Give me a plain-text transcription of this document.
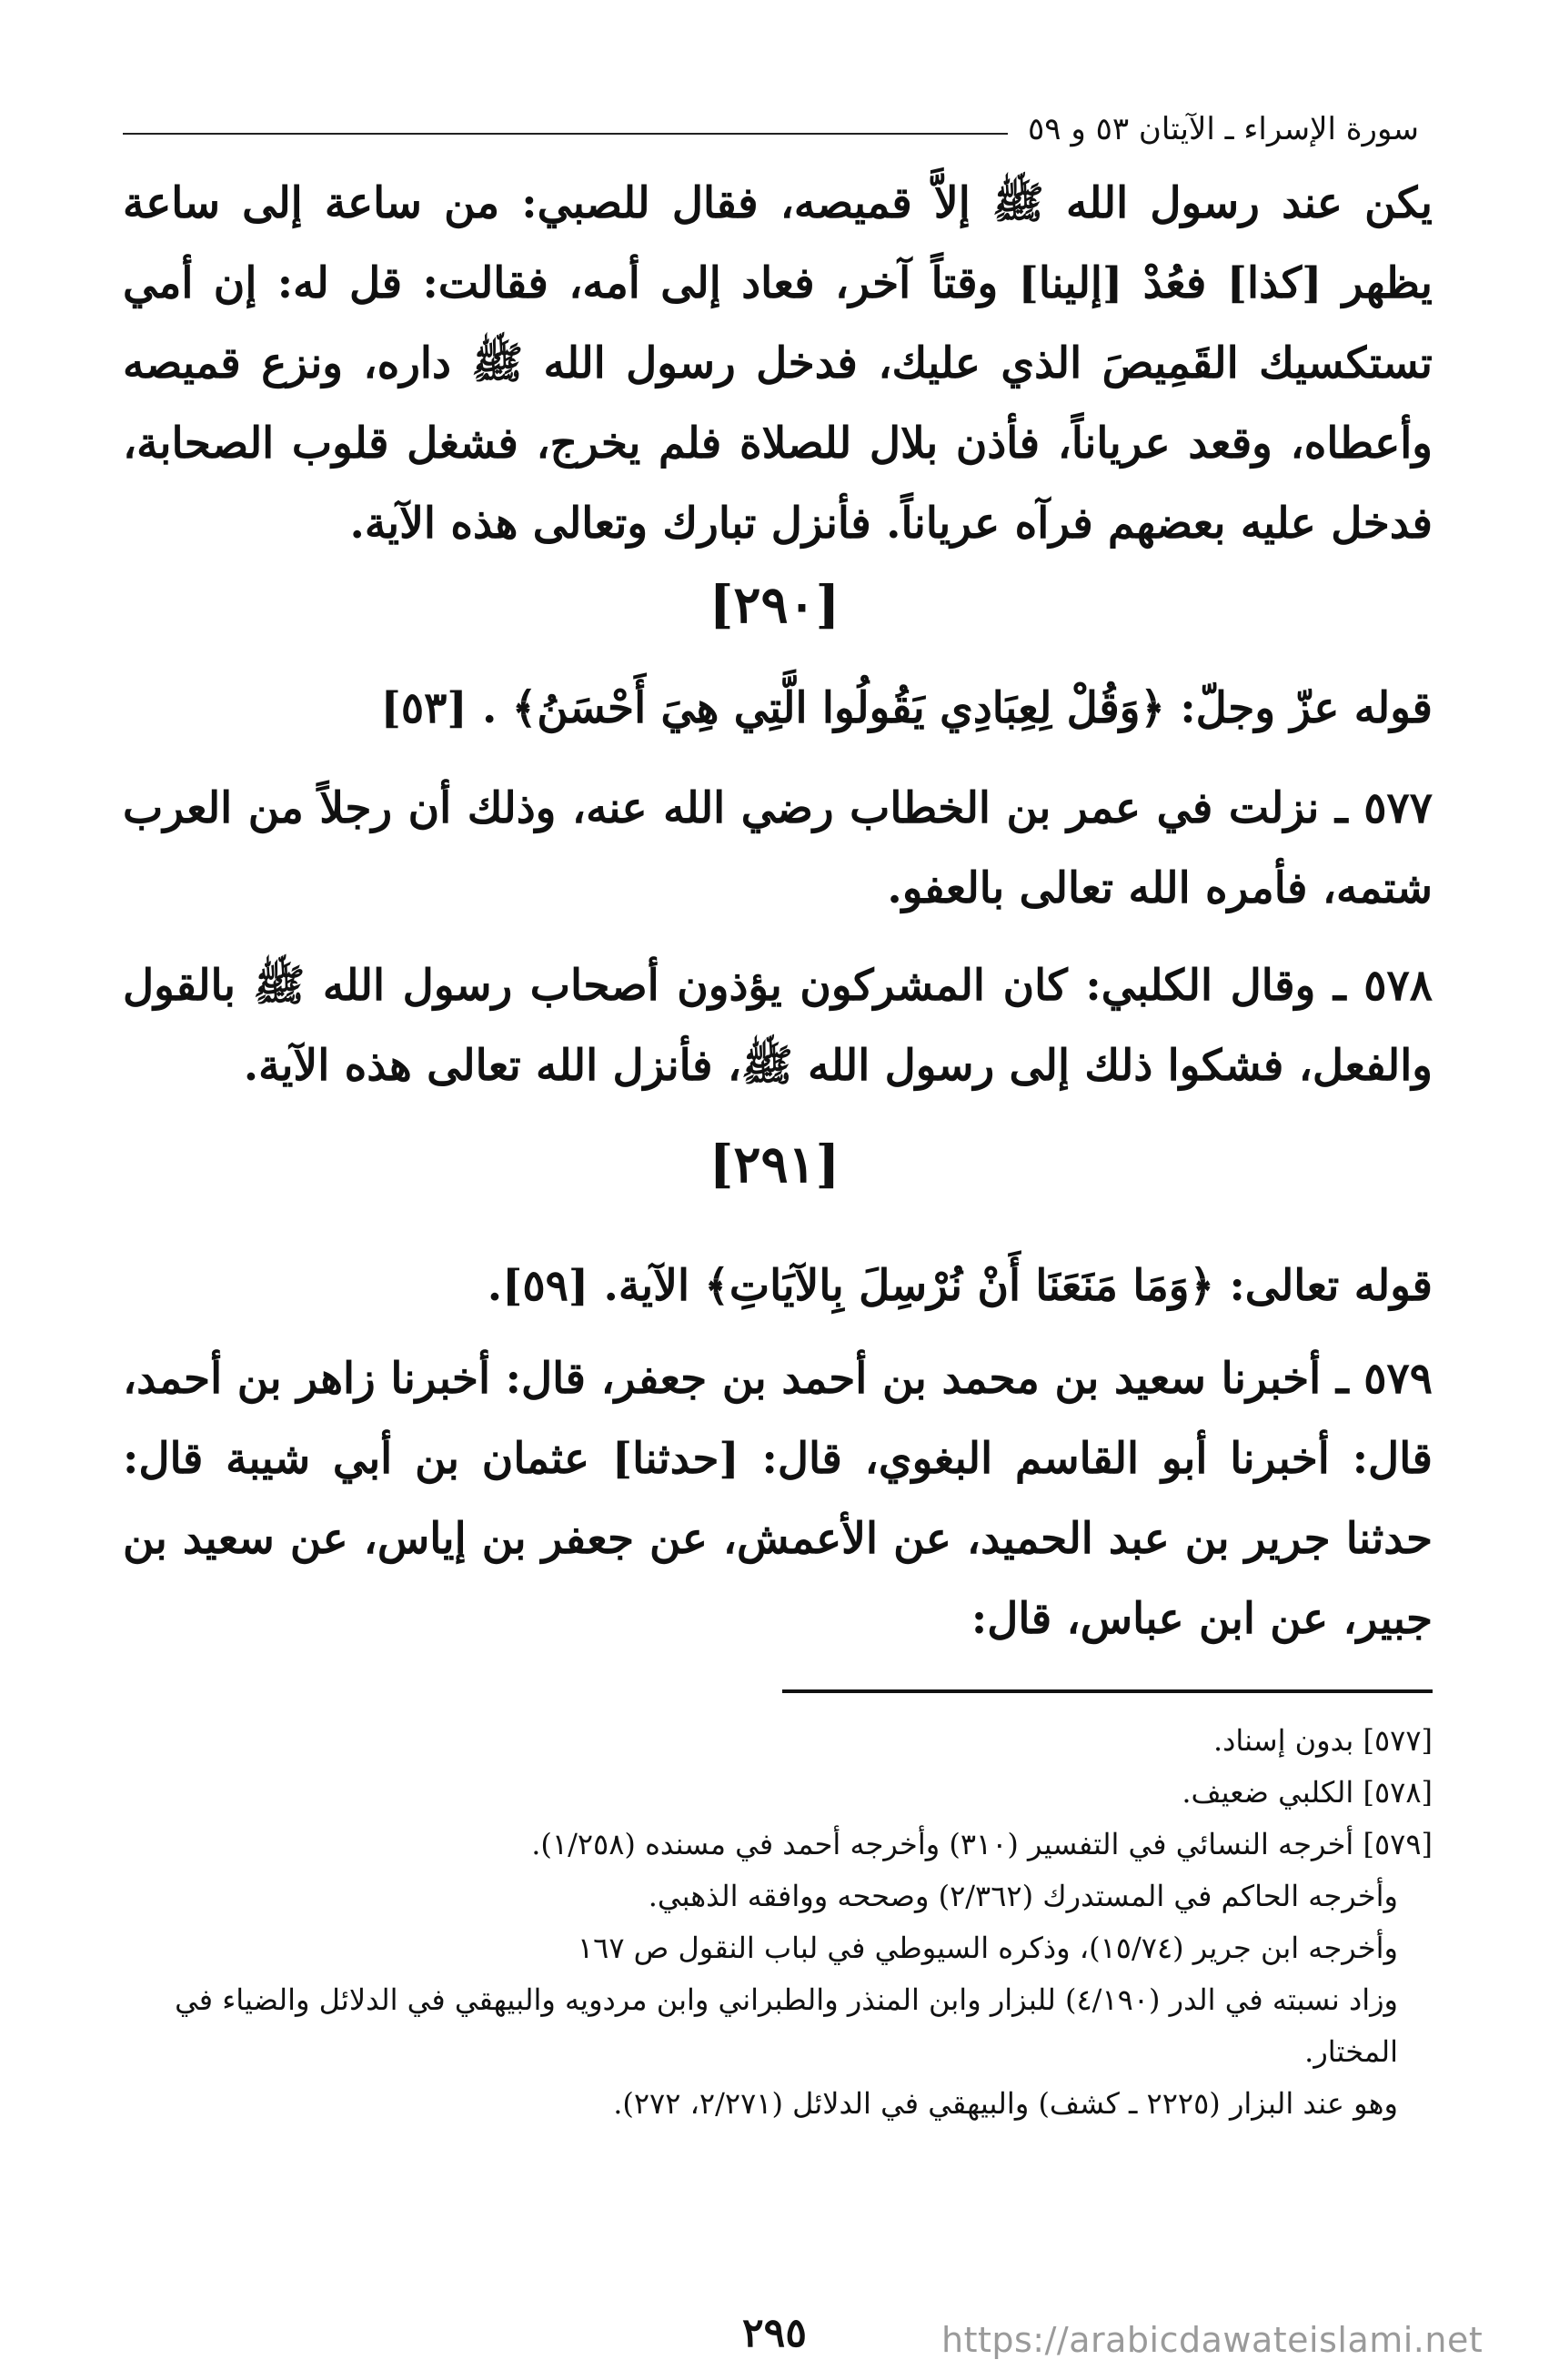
سورة الإسراء ـ الآيتان ٥٣ و ٥٩
يكن عند رسول الله ﷺ إلاَّ قميصه، فقال للصبي: من ساعة إلى ساعة يظهر [كذا] فعُدْ [إلينا] وقتاً آخر، فعاد إلى أمه، فقالت: قل له: إن أمي تستكسيك القَمِيصَ الذي عليك، فدخل رسول الله ﷺ داره، ونزع قميصه وأعطاه، وقعد عرياناً، فأذن بلال للصلاة فلم يخرج، فشغل قلوب الصحابة، فدخل عليه بعضهم فرآه عرياناً. فأنزل تبارك وتعالى هذه الآية.
[٢٩٠]
قوله عزّ وجلّ: ﴿وَقُلْ لِعِبَادِي يَقُولُوا الَّتِي هِيَ أَحْسَنُ﴾ . [٥٣]
٥٧٧ ـ نزلت في عمر بن الخطاب رضي الله عنه، وذلك أن رجلاً من العرب شتمه، فأمره الله تعالى بالعفو.
٥٧٨ ـ وقال الكلبي: كان المشركون يؤذون أصحاب رسول الله ﷺ بالقول والفعل، فشكوا ذلك إلى رسول الله ﷺ، فأنزل الله تعالى هذه الآية.
[٢٩١]
قوله تعالى: ﴿وَمَا مَنَعَنَا أَنْ نُرْسِلَ بِالآيَاتِ﴾ الآية. [٥٩].
٥٧٩ ـ أخبرنا سعيد بن محمد بن أحمد بن جعفر، قال: أخبرنا زاهر بن أحمد، قال: أخبرنا أبو القاسم البغوي، قال: [حدثنا] عثمان بن أبي شيبة قال: حدثنا جرير بن عبد الحميد، عن الأعمش، عن جعفر بن إياس، عن سعيد بن جبير، عن ابن عباس، قال:
[٥٧٧] بدون إسناد.
[٥٧٨] الكلبي ضعيف.
[٥٧٩] أخرجه النسائي في التفسير (٣١٠) وأخرجه أحمد في مسنده (١/٢٥٨).
وأخرجه الحاكم في المستدرك (٢/٣٦٢) وصححه ووافقه الذهبي.
وأخرجه ابن جرير (١٥/٧٤)، وذكره السيوطي في لباب النقول ص ١٦٧
وزاد نسبته في الدر (٤/١٩٠) للبزار وابن المنذر والطبراني وابن مردويه والبيهقي في الدلائل والضياء في المختار.
وهو عند البزار (٢٢٢٥ ـ كشف) والبيهقي في الدلائل (٢/٢٧١، ٢٧٢).
٢٩٥	https://arabicdawateislami.net
